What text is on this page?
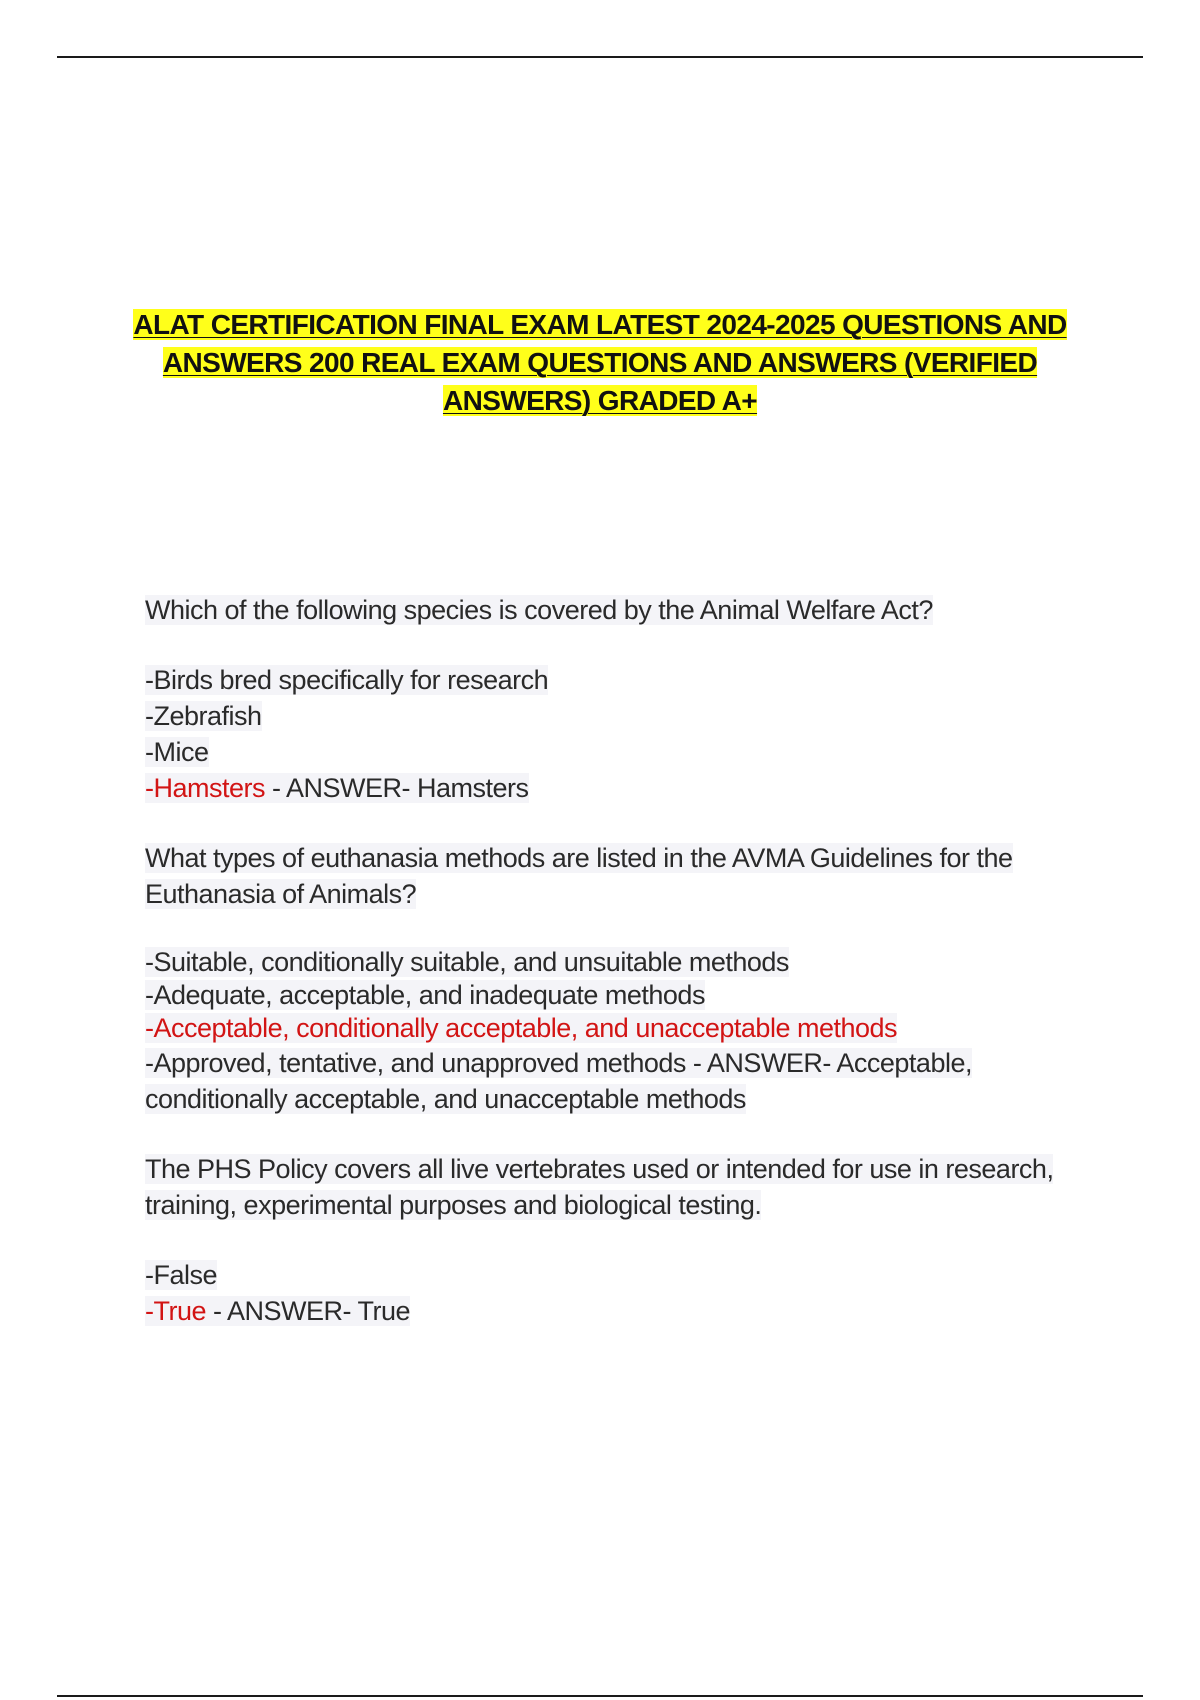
ALAT CERTIFICATION FINAL EXAM LATEST 2024-2025 QUESTIONS AND
ANSWERS 200 REAL EXAM QUESTIONS AND ANSWERS (VERIFIED
ANSWERS) GRADED A+
Which of the following species is covered by the Animal Welfare Act?
-Birds bred specifically for research
-Zebrafish
-Mice
-Hamsters - ANSWER- Hamsters
What types of euthanasia methods are listed in the AVMA Guidelines for the
Euthanasia of Animals?
-Suitable, conditionally suitable, and unsuitable methods
-Adequate, acceptable, and inadequate methods
-Acceptable, conditionally acceptable, and unacceptable methods
-Approved, tentative, and unapproved methods - ANSWER- Acceptable,
conditionally acceptable, and unacceptable methods
The PHS Policy covers all live vertebrates used or intended for use in research,
training, experimental purposes and biological testing.
-False
-True - ANSWER- True
